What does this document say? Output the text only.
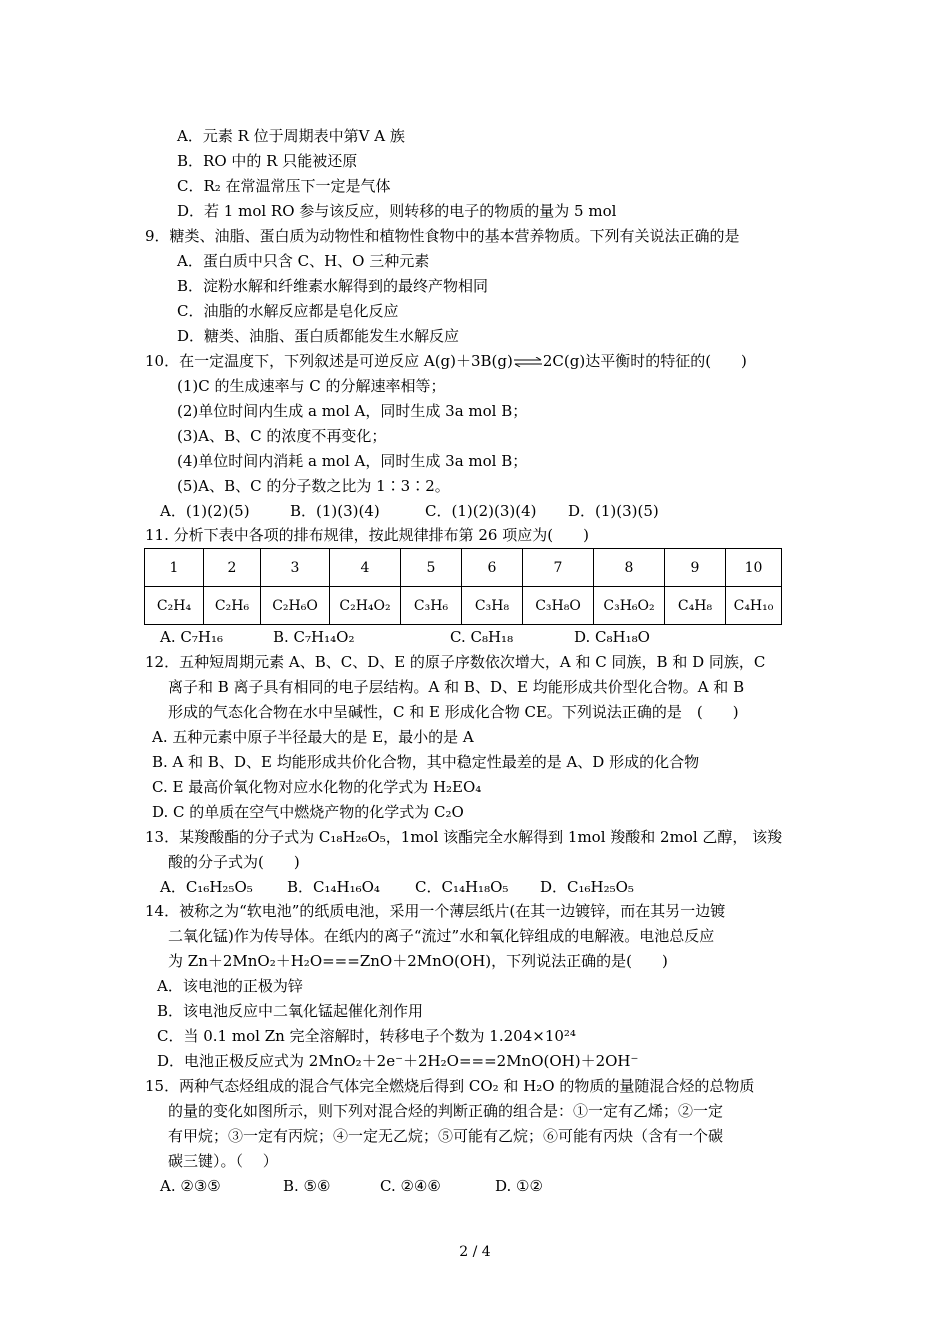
A．元素 R 位于周期表中第Ⅴ A 族
B．RO 中的 R 只能被还原
C．R₂ 在常温常压下一定是气体
D．若 1 mol RO 参与该反应，则转移的电子的物质的量为 5 mol
9．糖类、油脂、蛋白质为动物性和植物性食物中的基本营养物质。下列有关说法正确的是
A．蛋白质中只含 C、H、O 三种元素
B．淀粉水解和纤维素水解得到的最终产物相同
C．油脂的水解反应都是皂化反应
D．糖类、油脂、蛋白质都能发生水解反应
10．在一定温度下，下列叙述是可逆反应 A(g)＋3B(g)⇌2C(g)达平衡时的特征的(　　)
(1)C 的生成速率与 C 的分解速率相等；
(2)单位时间内生成 a mol A，同时生成 3a mol B；
(3)A、B、C 的浓度不再变化；
(4)单位时间内消耗 a mol A，同时生成 3a mol B；
(5)A、B、C 的分子数之比为 1∶3∶2。
A．(1)(2)(5)	B．(1)(3)(4)	C．(1)(2)(3)(4) D．(1)(3)(5)
11. 分析下表中各项的排布规律，按此规律排布第 26 项应为(　　)
1	2	3	4	5	6	7	8	9	10
C₂H₄	C₂H₆	C₂H₆O	C₂H₄O₂	C₃H₆	C₃H₈	C₃H₈O	C₃H₆O₂	C₄H₈	C₄H₁₀
A. C₇H₁₆	B. C₇H₁₄O₂	C. C₈H₁₈	D. C₈H₁₈O
12．五种短周期元素 A、B、C、D、E 的原子序数依次增大，A 和 C 同族，B 和 D 同族，C
离子和 B 离子具有相同的电子层结构。A 和 B、D、E 均能形成共价型化合物。A 和 B
形成的气态化合物在水中呈碱性，C 和 E 形成化合物 CE。下列说法正确的是　(　　)
A. 五种元素中原子半径最大的是 E，最小的是 A
B. A 和 B、D、E 均能形成共价化合物，其中稳定性最差的是 A、D 形成的化合物
C. E 最高价氧化物对应水化物的化学式为 H₂EO₄
D. C 的单质在空气中燃烧产物的化学式为 C₂O
13．某羧酸酯的分子式为 C₁₈H₂₆O₅，1mol 该酯完全水解得到 1mol 羧酸和 2mol 乙醇， 该羧
酸的分子式为(　　)
A．C₁₆H₂₅O₅ B．C₁₄H₁₆O₄ C．C₁₄H₁₈O₅ D．C₁₆H₂₅O₅
14．被称之为“软电池”的纸质电池，采用一个薄层纸片(在其一边镀锌，而在其另一边镀
二氧化锰)作为传导体。在纸内的离子“流过”水和氧化锌组成的电解液。电池总反应
为 Zn＋2MnO₂＋H₂O===ZnO＋2MnO(OH)，下列说法正确的是(　　)
A．该电池的正极为锌
B．该电池反应中二氧化锰起催化剂作用
C．当 0.1 mol Zn 完全溶解时，转移电子个数为 1.204×10²⁴
D．电池正极反应式为 2MnO₂＋2e⁻＋2H₂O===2MnO(OH)＋2OH⁻
15．两种气态烃组成的混合气体完全燃烧后得到 CO₂ 和 H₂O 的物质的量随混合烃的总物质
的量的变化如图所示，则下列对混合烃的判断正确的组合是：①一定有乙烯；②一定
有甲烷；③一定有丙烷；④一定无乙烷；⑤可能有乙烷；⑥可能有丙炔（含有一个碳
碳三键）。（　 ）
A. ②③⑤	B. ⑤⑥	C. ②④⑥	D. ①②
2 / 4
